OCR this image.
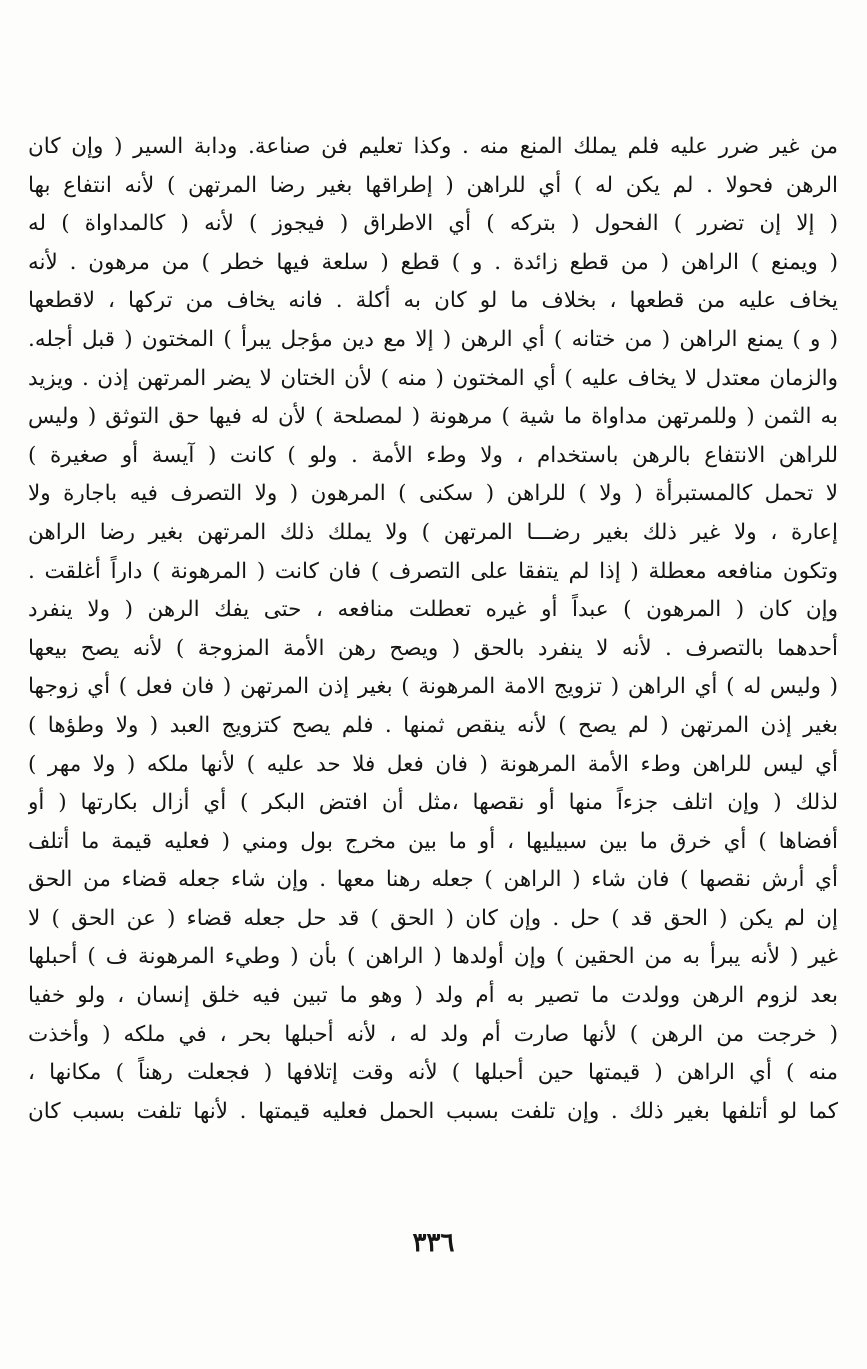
من غير ضرر عليه فلم يملك المنع منه . وكذا تعليم فن صناعة. ودابة السير ( وإن كان
الرهن فحولا . لم يكن له ) أي للراهن ( إطراقها بغير رضا المرتهن ) لأنه انتفاع بها
( إلا إن تضرر ) الفحول ( بتركه ) أي الاطراق ( فيجوز ) لأنه ( كالمداواة ) له
( ويمنع ) الراهن ( من قطع زائدة . و ) قطع ( سلعة فيها خطر ) من مرهون . لأنه
يخاف عليه من قطعها ، بخلاف ما لو كان به أكلة . فانه يخاف من تركها ، لاقطعها
( و ) يمنع الراهن ( من ختانه ) أي الرهن ( إلا مع دين مؤجل يبرأ ) المختون ( قبل أجله.
والزمان معتدل لا يخاف عليه ) أي المختون ( منه ) لأن الختان لا يضر المرتهن إذن . ويزيد
به الثمن ( وللمرتهن مداواة ما شية ) مرهونة ( لمصلحة ) لأن له فيها حق التوثق ( وليس
للراهن الانتفاع بالرهن باستخدام ، ولا وطء الأمة . ولو ) كانت ( آيسة أو صغيرة )
لا تحمل كالمستبرأة ( ولا ) للراهن ( سكنى ) المرهون ( ولا التصرف فيه باجارة ولا
إعارة ، ولا غير ذلك بغير رضـــا المرتهن ) ولا يملك ذلك المرتهن بغير رضا الراهن
وتكون منافعه معطلة ( إذا لم يتفقا على التصرف ) فان كانت ( المرهونة ) داراً أغلقت .
وإن كان ( المرهون ) عبداً أو غيره تعطلت منافعه ، حتى يفك الرهن ( ولا ينفرد
أحدهما بالتصرف . لأنه لا ينفرد بالحق ( ويصح رهن الأمة المزوجة ) لأنه يصح بيعها
( وليس له ) أي الراهن ( تزويج الامة المرهونة ) بغير إذن المرتهن ( فان فعل ) أي زوجها
بغير إذن المرتهن ( لم يصح ) لأنه ينقص ثمنها . فلم يصح كتزويج العبد ( ولا وطؤها )
أي ليس للراهن وطء الأمة المرهونة ( فان فعل فلا حد عليه ) لأنها ملكه ( ولا مهر )
لذلك ( وإن اتلف جزءاً منها أو نقصها ،مثل أن افتض البكر ) أي أزال بكارتها ( أو
أفضاها ) أي خرق ما بين سبيليها ، أو ما بين مخرج بول ومني ( فعليه قيمة ما أتلف
أي أرش نقصها ) فان شاء ( الراهن ) جعله رهنا معها . وإن شاء جعله قضاء من الحق
إن لم يكن ( الحق قد ) حل . وإن كان ( الحق ) قد حل جعله قضاء ( عن الحق ) لا
غير ( لأنه يبرأ به من الحقين ) وإن أولدها ( الراهن ) بأن ( وطيء المرهونة ف ) أحبلها
بعد لزوم الرهن وولدت ما تصير به أم ولد ( وهو ما تبين فيه خلق إنسان ، ولو خفيا
( خرجت من الرهن ) لأنها صارت أم ولد له ، لأنه أحبلها بحر ، في ملكه ( وأخذت
منه ) أي الراهن ( قيمتها حين أحبلها ) لأنه وقت إتلافها ( فجعلت رهناً ) مكانها ،
كما لو أتلفها بغير ذلك . وإن تلفت بسبب الحمل فعليه قيمتها . لأنها تلفت بسبب كان
٣٣٦
